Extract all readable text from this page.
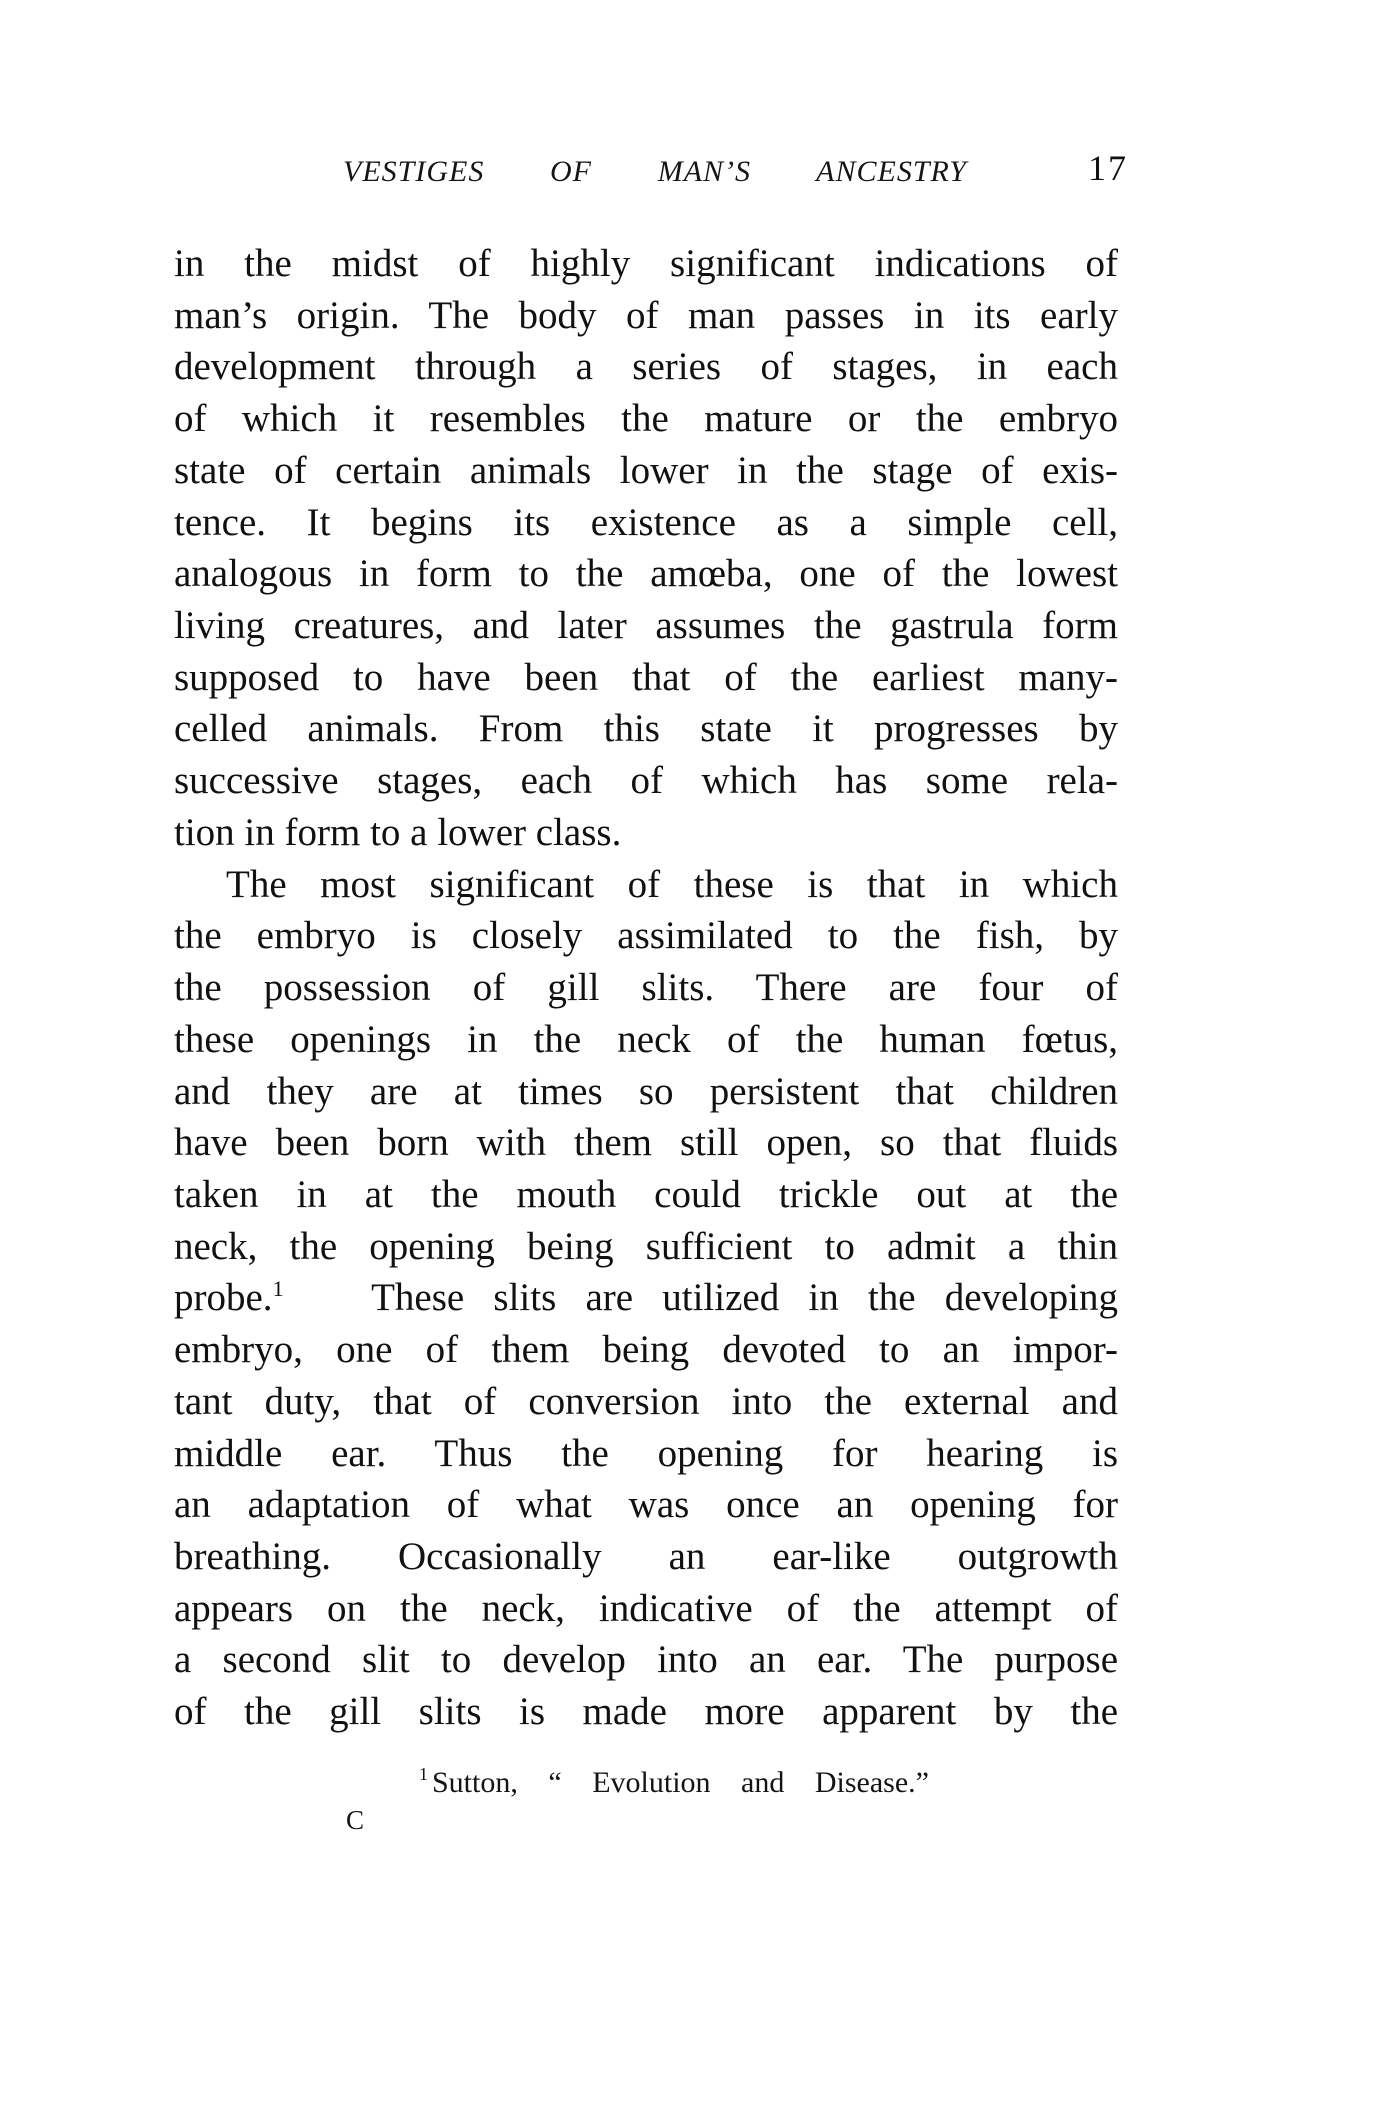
VESTIGES OF MAN’S ANCESTRY	17
in the midst of highly significant indications of
man’s origin. The body of man passes in its early
development through a series of stages, in each
of which it resembles the mature or the embryo
state of certain animals lower in the stage of exis-
tence. It begins its existence as a simple cell,
analogous in form to the amœba, one of the lowest
living creatures, and later assumes the gastrula form
supposed to have been that of the earliest many-
celled animals. From this state it progresses by
successive stages, each of which has some rela-
tion in form to a lower class.
The most significant of these is that in which
the embryo is closely assimilated to the fish, by
the possession of gill slits. There are four of
these openings in the neck of the human fœtus,
and they are at times so persistent that children
have been born with them still open, so that fluids
taken in at the mouth could trickle out at the
neck, the opening being sufficient to admit a thin
probe.$^1$ These slits are utilized in the developing
embryo, one of them being devoted to an impor-
tant duty, that of conversion into the external and
middle ear. Thus the opening for hearing is
an adaptation of what was once an opening for
breathing. Occasionally an ear-like outgrowth
appears on the neck, indicative of the attempt of
a second slit to develop into an ear. The purpose
of the gill slits is made more apparent by the
$^1$ Sutton, “ Evolution and Disease.”
C
